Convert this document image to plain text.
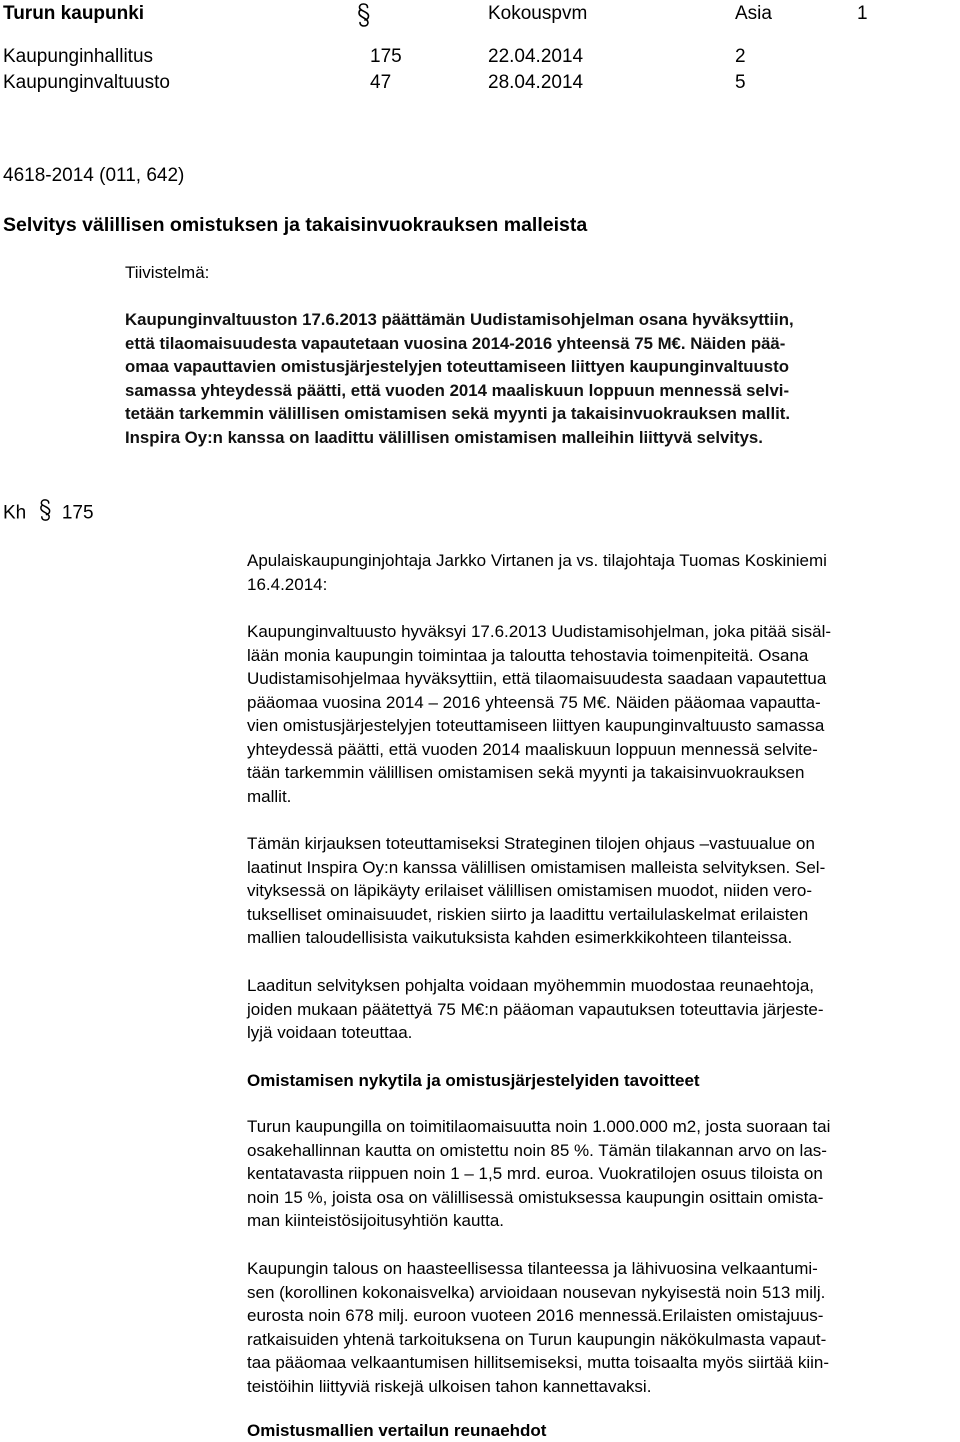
Turun kaupunki	Kokouspvm	Asia	1
Kaupunginhallitus	175	22.04.2014	2
Kaupunginvaltuusto	47	28.04.2014	5
4618-2014 (011, 642)
Selvitys välillisen omistuksen ja takaisinvuokrauksen malleista
Tiivistelmä:
Kaupunginvaltuuston 17.6.2013 päättämän Uudistamisohjelman osana hyväksyttiin,
että tilaomaisuudesta vapautetaan vuosina 2014-2016 yhteensä 75 M€. Näiden pää-
omaa vapauttavien omistusjärjestelyjen toteuttamiseen liittyen kaupunginvaltuusto
samassa yhteydessä päätti, että vuoden 2014 maaliskuun loppuun mennessä selvi-
tetään tarkemmin välillisen omistamisen sekä myynti ja takaisinvuokrauksen mallit.
Inspira Oy:n kanssa on laadittu välillisen omistamisen malleihin liittyvä selvitys.
Kh 175
Apulaiskaupunginjohtaja Jarkko Virtanen ja vs. tilajohtaja Tuomas Koskiniemi
16.4.2014:
Kaupunginvaltuusto hyväksyi 17.6.2013 Uudistamisohjelman, joka pitää sisäl-
lään monia kaupungin toimintaa ja taloutta tehostavia toimenpiteitä. Osana
Uudistamisohjelmaa hyväksyttiin, että tilaomaisuudesta saadaan vapautettua
pääomaa vuosina 2014 – 2016 yhteensä 75 M€. Näiden pääomaa vapautta-
vien omistusjärjestelyjen toteuttamiseen liittyen kaupunginvaltuusto samassa
yhteydessä päätti, että vuoden 2014 maaliskuun loppuun mennessä selvite-
tään tarkemmin välillisen omistamisen sekä myynti ja takaisinvuokrauksen
mallit.
Tämän kirjauksen toteuttamiseksi Strateginen tilojen ohjaus –vastuualue on
laatinut Inspira Oy:n kanssa välillisen omistamisen malleista selvityksen. Sel-
vityksessä on läpikäyty erilaiset välillisen omistamisen muodot, niiden vero-
tukselliset ominaisuudet, riskien siirto ja laadittu vertailulaskelmat erilaisten
mallien taloudellisista vaikutuksista kahden esimerkkikohteen tilanteissa.
Laaditun selvityksen pohjalta voidaan myöhemmin muodostaa reunaehtoja,
joiden mukaan päätettyä 75 M€:n pääoman vapautuksen toteuttavia järjeste-
lyjä voidaan toteuttaa.
Omistamisen nykytila ja omistusjärjestelyiden tavoitteet
Turun kaupungilla on toimitilaomaisuutta noin 1.000.000 m2, josta suoraan tai
osakehallinnan kautta on omistettu noin 85 %. Tämän tilakannan arvo on las-
kentatavasta riippuen noin 1 – 1,5 mrd. euroa. Vuokratilojen osuus tiloista on
noin 15 %, joista osa on välillisessä omistuksessa kaupungin osittain omista-
man kiinteistösijoitusyhtiön kautta.
Kaupungin talous on haasteellisessa tilanteessa ja lähivuosina velkaantumi-
sen (korollinen kokonaisvelka) arvioidaan nousevan nykyisestä noin 513 milj.
eurosta noin 678 milj. euroon vuoteen 2016 mennessä.Erilaisten omistajuus-
ratkaisuiden yhtenä tarkoituksena on Turun kaupungin näkökulmasta vapaut-
taa pääomaa velkaantumisen hillitsemiseksi, mutta toisaalta myös siirtää kiin-
teistöihin liittyviä riskejä ulkoisen tahon kannettavaksi.
Omistusmallien vertailun reunaehdot
